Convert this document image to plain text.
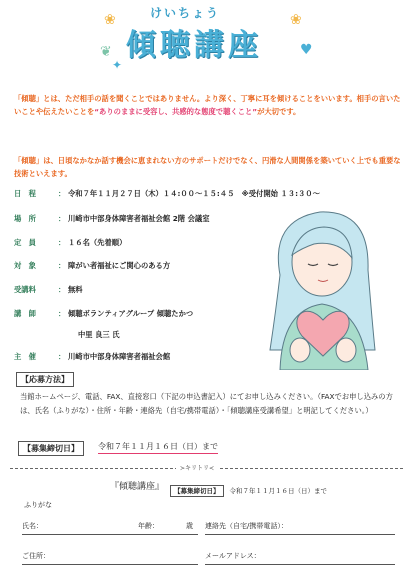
❀
❦
❀
♥
✦
けいちょう
傾聴講座
「傾聴」とは、ただ相手の話を聞くことではありません。より深く、丁寧に耳を傾けることをいいます。相手の言いたいことや伝えたいことを“ありのままに受容し、共感的な態度で聴くこと”が大切です。
「傾聴」は、日頃なかなか話す機会に恵まれない方のサポートだけでなく、円滑な人間関係を築いていく上でも重要な技術といえます。
日　程	： 令和７年１１月２７日（木）１４:００～１５:４５　※受付開始 １３:３０～
場　所	： 川崎市中部身体障害者福祉会館 2階 会議室
定　員	： １６名（先着順）
対　象	： 障がい者福祉にご関心のある方
受講料	： 無料
講　師	： 傾聴ボランティアグループ 傾聴たかつ
中里 良三 氏
主　催	： 川崎市中部身体障害者福祉会館
【応募方法】
当館ホームページ、電話、FAX、直接窓口（下記の申込書記入）にてお申し込みください。（FAXでお申し込みの方は、氏名（ふりがな）・住所・年齢・連絡先（自宅/携帯電話）・「傾聴講座受講希望」と明記してください。）
【募集締切日】	令和７年１１月１６日（日）まで
≻キリトリ≺
『傾聴講座』	【募集締切日】 令和７年１１月１６日（日）まで
ふりがな
氏名：	年齢：	歳 連絡先（自宅/携帯電話）：
ご住所：	メールアドレス：
